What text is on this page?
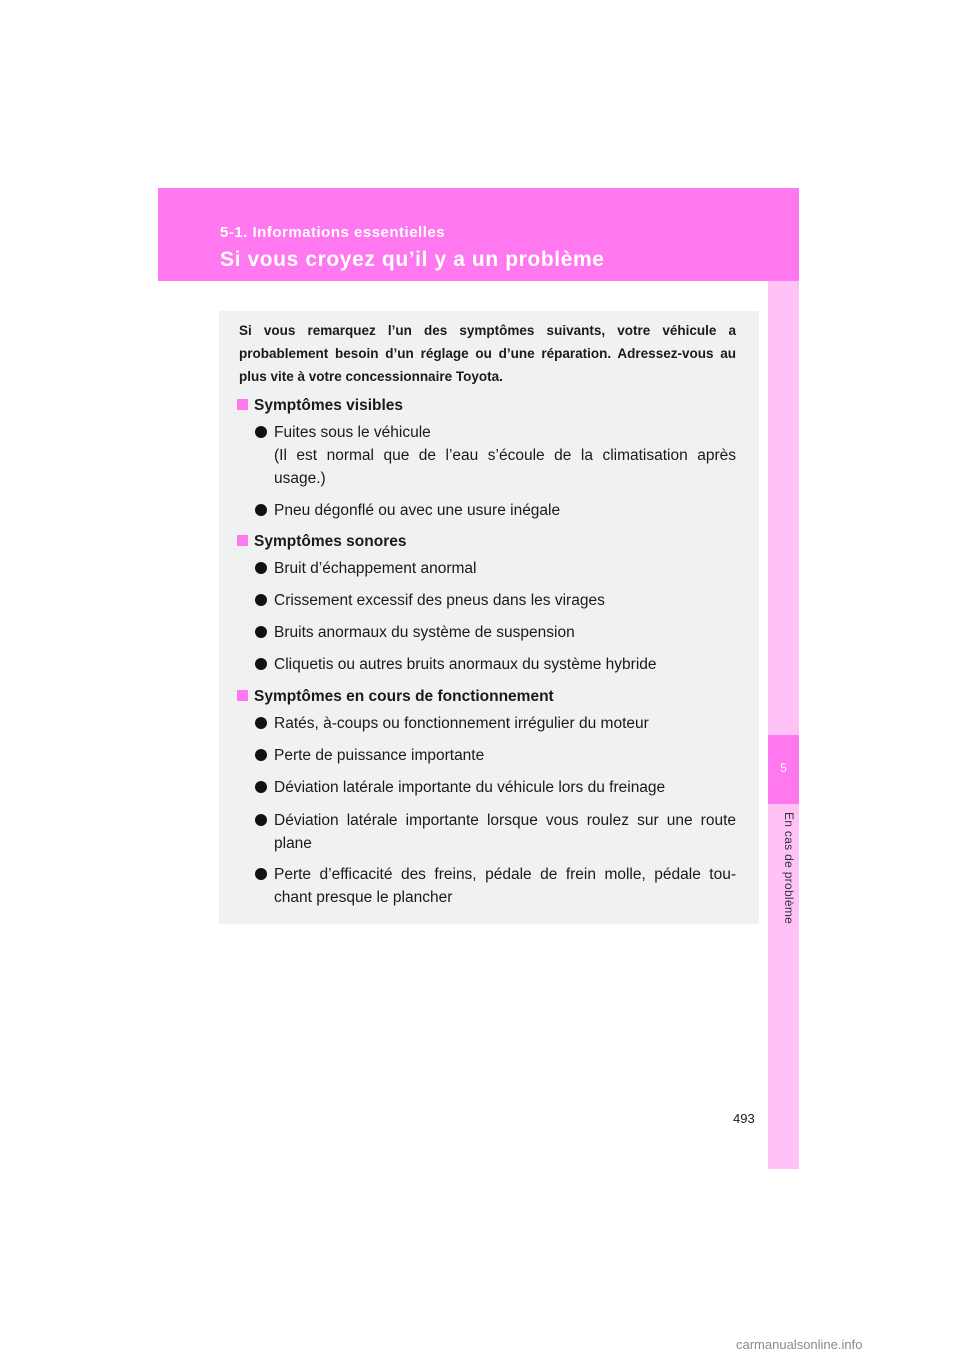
5-1. Informations essentielles
Si vous croyez qu’il y a un problème
5
En cas de problème
Si vous remarquez l’un des symptômes suivants, votre véhicule a probablement besoin d’un réglage ou d’une réparation. Adressez-vous au plus vite à votre concessionnaire Toyota.
Symptômes visibles
Fuites sous le véhicule
(Il est normal que de l’eau s’écoule de la climatisation après usage.)
Pneu dégonflé ou avec une usure inégale
Symptômes sonores
Bruit d’échappement anormal
Crissement excessif des pneus dans les virages
Bruits anormaux du système de suspension
Cliquetis ou autres bruits anormaux du système hybride
Symptômes en cours de fonctionnement
Ratés, à-coups ou fonctionnement irrégulier du moteur
Perte de puissance importante
Déviation latérale importante du véhicule lors du freinage
Déviation latérale importante lorsque vous roulez sur une route plane
Perte d’efficacité des freins, pédale de frein molle, pédale tou-chant presque le plancher
493
carmanualsonline.info
